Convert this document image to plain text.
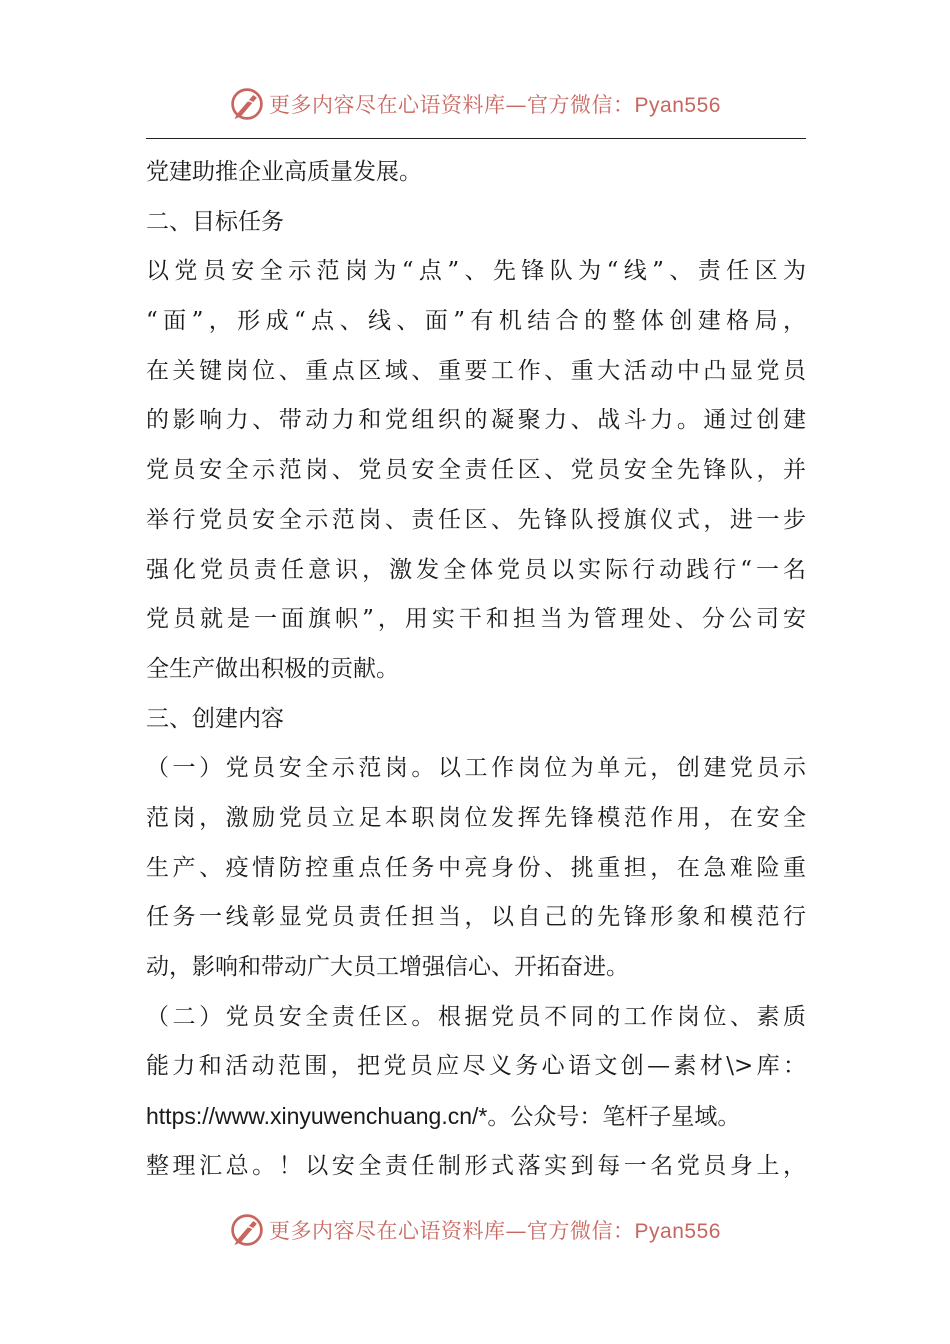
更多内容尽在心语资料库—官方微信：Pyan556
党建助推企业高质量发展。
二、目标任务
以党员安全示范岗为“点”、先锋队为“线”、责任区为
“面”，形成“点、线、面”有机结合的整体创建格局，
在关键岗位、重点区域、重要工作、重大活动中凸显党员
的影响力、带动力和党组织的凝聚力、战斗力。通过创建
党员安全示范岗、党员安全责任区、党员安全先锋队，并
举行党员安全示范岗、责任区、先锋队授旗仪式，进一步
强化党员责任意识，激发全体党员以实际行动践行“一名
党员就是一面旗帜”，用实干和担当为管理处、分公司安
全生产做出积极的贡献。
三、创建内容
（一）党员安全示范岗。以工作岗位为单元，创建党员示
范岗，激励党员立足本职岗位发挥先锋模范作用，在安全
生产、疫情防控重点任务中亮身份、挑重担，在急难险重
任务一线彰显党员责任担当，以自己的先锋形象和模范行
动，影响和带动广大员工增强信心、开拓奋进。
（二）党员安全责任区。根据党员不同的工作岗位、素质
能力和活动范围，把党员应尽义务心语文创—素材\>库：
https://www.xinyuwenchuang.cn/*。公众号：笔杆子星域。
整理汇总。！以安全责任制形式落实到每一名党员身上，
更多内容尽在心语资料库—官方微信：Pyan556
